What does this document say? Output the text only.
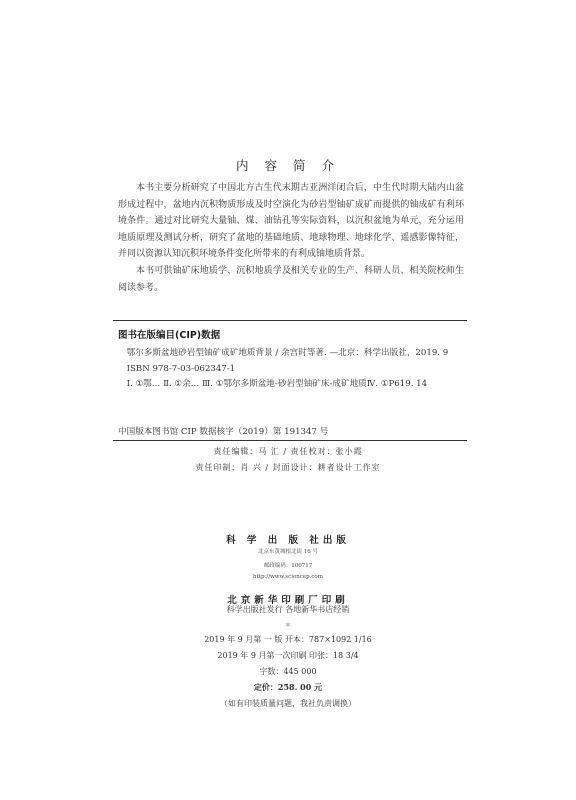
内 容 简 介

本书主要分析研究了中国北方古生代末期古亚洲洋闭合后，中生代时期大陆内山盆形成过程中，盆地内沉积物质形成及时空演化为砂岩型铀矿成矿而提供的铀成矿有利环境条件。通过对比研究大量铀、煤、油钻孔等实际资料，以沉积盆地为单元，充分运用地质原理及测试分析，研究了盆地的基础地质、地球物理、地球化学、遥感影像特征，并同以资源认知沉积环境条件变化所带来的有利成铀地质背景。

本书可供铀矿床地质学、沉积地质学及相关专业的生产、科研人员、相关院校师生阅读参考。

图书在版编目(CIP)数据
鄂尔多斯盆地砂岩型铀矿成矿地质背景 / 余宫时等著. —北京：科学出版社，2019. 9
ISBN 978-7-03-062347-1
Ⅰ. ①鄂… Ⅱ. ①余… Ⅲ. ①鄂尔多斯盆地-砂岩型铀矿床-成矿地质Ⅳ. ①P619. 14
中国版本图书馆 CIP 数据核字（2019）第 191347 号
责任编辑：马 汇 / 责任校对：张小霞
责任印制：肖 兴 / 封面设计：耕者设计工作室
科 学 出 版 社出版
北京东黄城根北街 16 号
邮政编码：100717
http://www.sciencep.com
北京新华印刷厂印刷
科学出版社发行 各地新华书店经销
＊
2019 年 9 月第 一 版 开本：787×1092 1/16
2019 年 9 月第一次印刷 印张：18 3/4
字数：445 000
定价：258. 00 元
（如有印装质量问题，我社负责调换）
